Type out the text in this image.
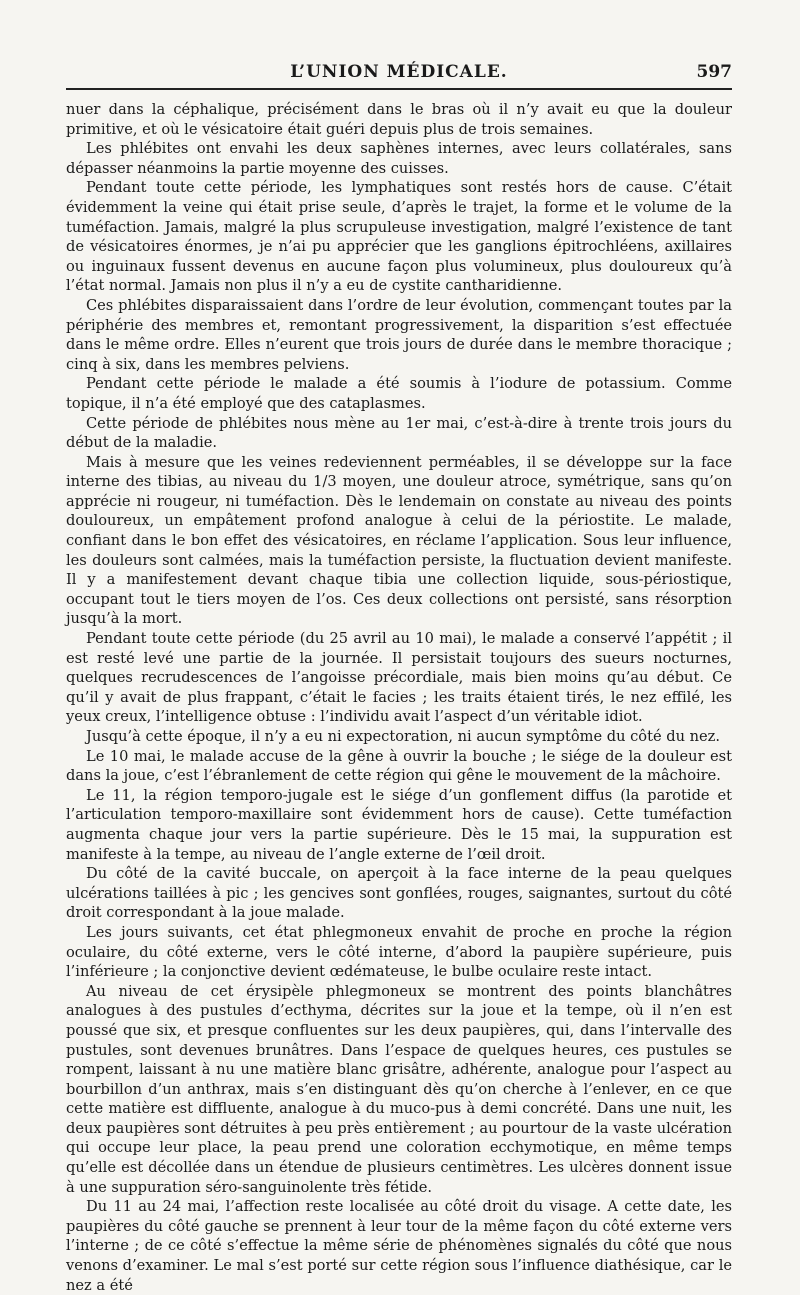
L’UNION MÉDICALE.	597

nuer dans la céphalique, précisément dans le bras où il n’y avait eu que la douleur primitive, et où le vésicatoire était guéri depuis plus de trois semaines.

Les phlébites ont envahi les deux saphènes internes, avec leurs collatérales, sans dépasser néanmoins la partie moyenne des cuisses.

Pendant toute cette période, les lymphatiques sont restés hors de cause. C’était évidemment la veine qui était prise seule, d’après le trajet, la forme et le volume de la tuméfaction. Jamais, malgré la plus scrupuleuse investigation, malgré l’existence de tant de vésicatoires énormes, je n’ai pu apprécier que les ganglions épitrochléens, axillaires ou inguinaux fussent devenus en aucune façon plus volumineux, plus douloureux qu’à l’état normal. Jamais non plus il n’y a eu de cystite cantharidienne.

Ces phlébites disparaissaient dans l’ordre de leur évolution, commençant toutes par la périphérie des membres et, remontant progressivement, la disparition s’est effectuée dans le même ordre. Elles n’eurent que trois jours de durée dans le membre thoracique ; cinq à six, dans les membres pelviens.

Pendant cette période le malade a été soumis à l’iodure de potassium. Comme topique, il n’a été employé que des cataplasmes.

Cette période de phlébites nous mène au 1er mai, c’est-à-dire à trente trois jours du début de la maladie.

Mais à mesure que les veines redeviennent perméables, il se développe sur la face interne des tibias, au niveau du 1/3 moyen, une douleur atroce, symétrique, sans qu’on apprécie ni rougeur, ni tuméfaction. Dès le lendemain on constate au niveau des points douloureux, un empâtement profond analogue à celui de la périostite. Le malade, confiant dans le bon effet des vésicatoires, en réclame l’application. Sous leur influence, les douleurs sont calmées, mais la tuméfaction persiste, la fluctuation devient manifeste. Il y a manifestement devant chaque tibia une collection liquide, sous-périostique, occupant tout le tiers moyen de l’os. Ces deux collections ont persisté, sans résorption jusqu’à la mort.

Pendant toute cette période (du 25 avril au 10 mai), le malade a conservé l’appétit ; il est resté levé une partie de la journée. Il persistait toujours des sueurs nocturnes, quelques recrudescences de l’angoisse précordiale, mais bien moins qu’au début. Ce qu’il y avait de plus frappant, c’était le facies ; les traits étaient tirés, le nez effilé, les yeux creux, l’intelligence obtuse : l’individu avait l’aspect d’un véritable idiot.

Jusqu’à cette époque, il n’y a eu ni expectoration, ni aucun symptôme du côté du nez.

Le 10 mai, le malade accuse de la gêne à ouvrir la bouche ; le siége de la douleur est dans la joue, c’est l’ébranlement de cette région qui gêne le mouvement de la mâchoire.

Le 11, la région temporo-jugale est le siége d’un gonflement diffus (la parotide et l’articulation temporo-maxillaire sont évidemment hors de cause). Cette tuméfaction augmenta chaque jour vers la partie supérieure. Dès le 15 mai, la suppuration est manifeste à la tempe, au niveau de l’angle externe de l’œil droit.

Du côté de la cavité buccale, on aperçoit à la face interne de la peau quelques ulcérations taillées à pic ; les gencives sont gonflées, rouges, saignantes, surtout du côté droit correspondant à la joue malade.

Les jours suivants, cet état phlegmoneux envahit de proche en proche la région oculaire, du côté externe, vers le côté interne, d’abord la paupière supérieure, puis l’inférieure ; la conjonctive devient œdémateuse, le bulbe oculaire reste intact.

Au niveau de cet érysipèle phlegmoneux se montrent des points blanchâtres analogues à des pustules d’ecthyma, décrites sur la joue et la tempe, où il n’en est poussé que six, et presque confluentes sur les deux paupières, qui, dans l’intervalle des pustules, sont devenues brunâtres. Dans l’espace de quelques heures, ces pustules se rompent, laissant à nu une matière blanc grisâtre, adhérente, analogue pour l’aspect au bourbillon d’un anthrax, mais s’en distinguant dès qu’on cherche à l’enlever, en ce que cette matière est diffluente, analogue à du muco-pus à demi concrété. Dans une nuit, les deux paupières sont détruites à peu près entièrement ; au pourtour de la vaste ulcération qui occupe leur place, la peau prend une coloration ecchymotique, en même temps qu’elle est décollée dans un étendue de plusieurs centimètres. Les ulcères donnent issue à une suppuration séro-sanguinolente très fétide.

Du 11 au 24 mai, l’affection reste localisée au côté droit du visage. A cette date, les paupières du côté gauche se prennent à leur tour de la même façon du côté externe vers l’interne ; de ce côté s’effectue la même série de phénomènes signalés du côté que nous venons d’examiner. Le mal s’est porté sur cette région sous l’influence diathésique, car le nez a été
